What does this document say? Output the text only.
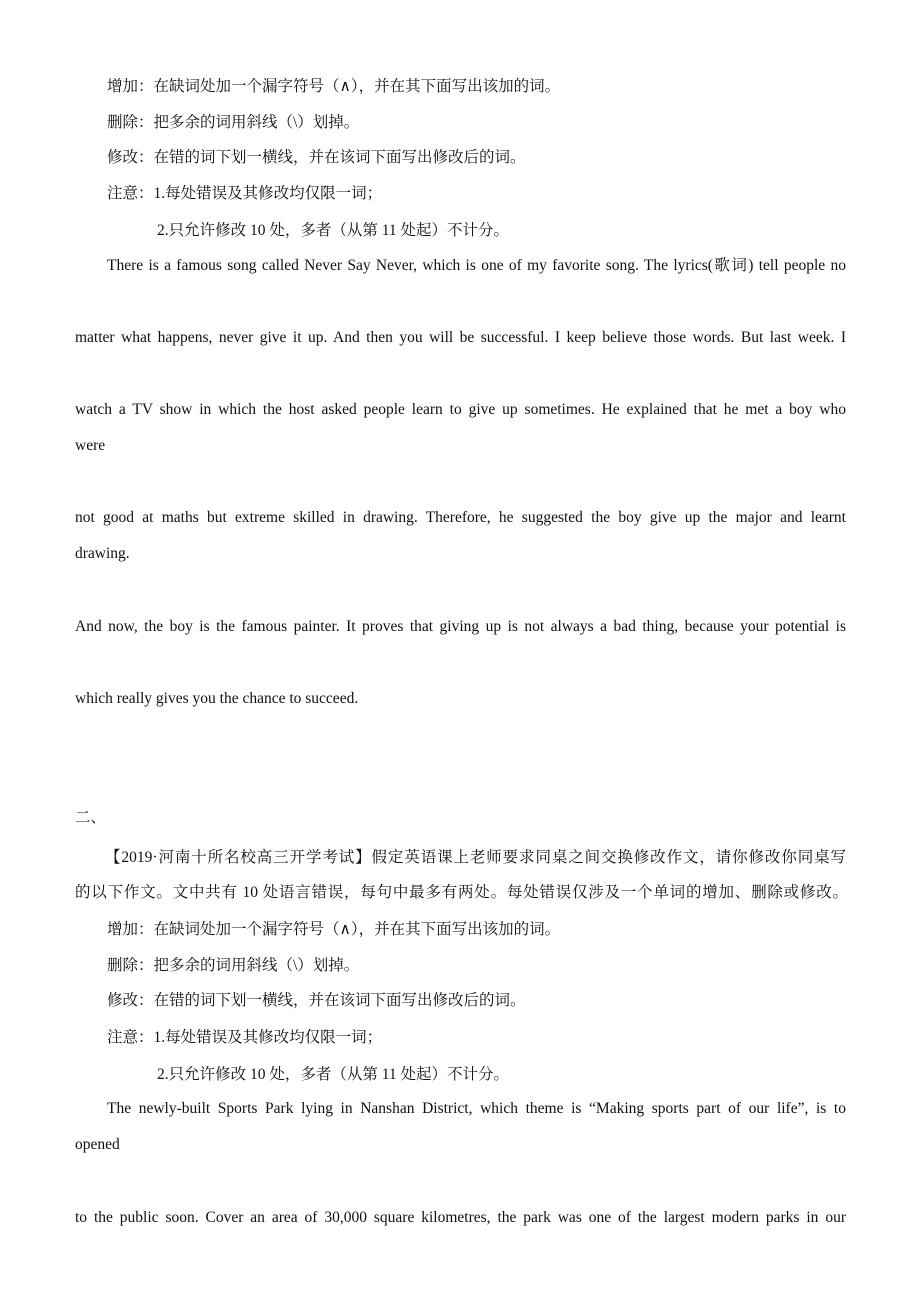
增加：在缺词处加一个漏字符号（∧），并在其下面写出该加的词。
删除：把多余的词用斜线（\）划掉。
修改：在错的词下划一横线，并在该词下面写出修改后的词。
注意：1.每处错误及其修改均仅限一词；
2.只允许修改 10 处，多者（从第 11 处起）不计分。
There is a famous song called Never Say Never, which is one of my favorite song. The lyrics(歌词) tell people no
matter what happens, never give it up. And then you will be successful. I keep believe those words. But last week. I
watch a TV show in which the host asked people learn to give up sometimes. He explained that he met a boy who
were
not good at maths but extreme skilled in drawing. Therefore, he suggested the boy give up the major and learnt
drawing.
And now, the boy is the famous painter. It proves that giving up is not always a bad thing, because your potential is
which really gives you the chance to succeed.
二、
【2019·河南十所名校高三开学考试】假定英语课上老师要求同桌之间交换修改作文，请你修改你同桌写
的以下作文。文中共有 10 处语言错误，每句中最多有两处。每处错误仅涉及一个单词的增加、删除或修改。
增加：在缺词处加一个漏字符号（∧），并在其下面写出该加的词。
删除：把多余的词用斜线（\）划掉。
修改：在错的词下划一横线，并在该词下面写出修改后的词。
注意：1.每处错误及其修改均仅限一词；
2.只允许修改 10 处，多者（从第 11 处起）不计分。
The newly-built Sports Park lying in Nanshan District, which theme is “Making sports part of our life”, is to
opened
to the public soon. Cover an area of 30,000 square kilometres, the park was one of the largest modern parks in our
